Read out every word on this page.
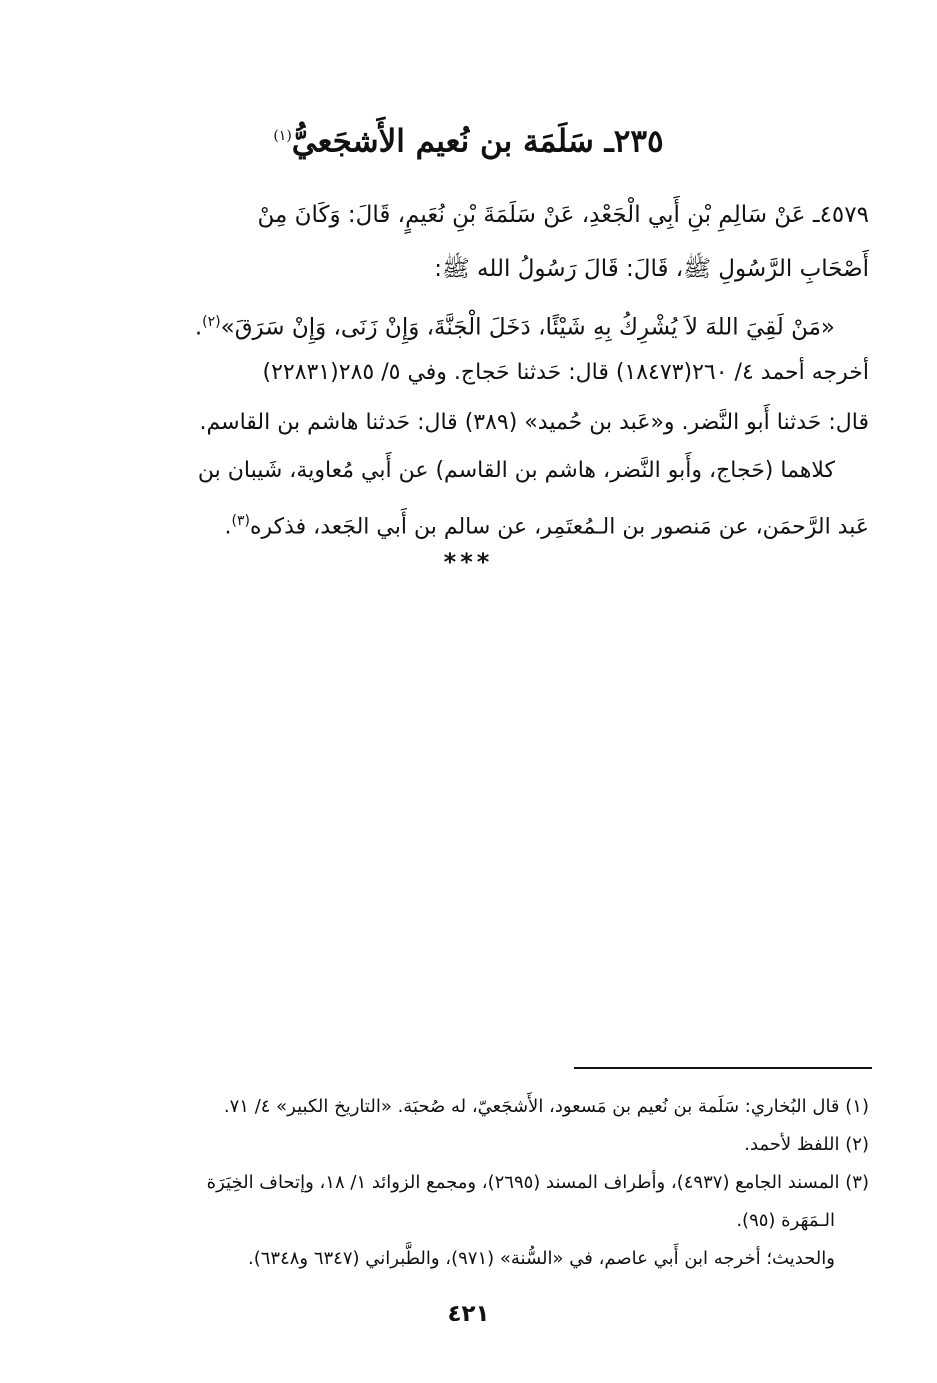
٢٣٥ـ سَلَمَة بن نُعيم الأَشجَعيُّ$^{(١)}$
٤٥٧٩ـ عَنْ سَالِمِ بْنِ أَبِي الْجَعْدِ، عَنْ سَلَمَةَ بْنِ نُعَيمٍ، قَالَ: وَكَانَ مِنْ
أَصْحَابِ الرَّسُولِ ﷺ، قَالَ: قَالَ رَسُولُ الله ﷺ:
«مَنْ لَقِيَ اللهَ لاَ يُشْرِكُ بِهِ شَيْئًا، دَخَلَ الْجَنَّةَ، وَإِنْ زَنَى، وَإِنْ سَرَقَ»$^{(٢)}$.
أخرجه أحمد ٤/ ٢٦٠(١٨٤٧٣) قال: حَدثنا حَجاج. وفي ٥/ ٢٨٥(٢٢٨٣١)
قال: حَدثنا أَبو النَّضر. و«عَبد بن حُميد» (٣٨٩) قال: حَدثنا هاشم بن القاسم.
كلاهما (حَجاج، وأَبو النَّضر، هاشم بن القاسم) عن أَبي مُعاوية، شَيبان بن
عَبد الرَّحمَن، عن مَنصور بن الـمُعتَمِر، عن سالم بن أَبي الجَعد، فذكره$^{(٣)}$.
***
(١) قال البُخاري: سَلَمة بن نُعيم بن مَسعود، الأَشجَعيّ، له صُحبَة. «التاريخ الكبير» ٤/ ٧١.
(٢) اللفظ لأحمد.
(٣) المسند الجامع (٤٩٣٧)، وأطراف المسند (٢٦٩٥)، ومجمع الزوائد ١/ ١٨، وإتحاف الخِيَرَة
الـمَهَرة (٩٥).
والحديث؛ أخرجه ابن أَبي عاصم، في «السُّنة» (٩٧١)، والطَّبراني (٦٣٤٧ و٦٣٤٨).
٤٢١
